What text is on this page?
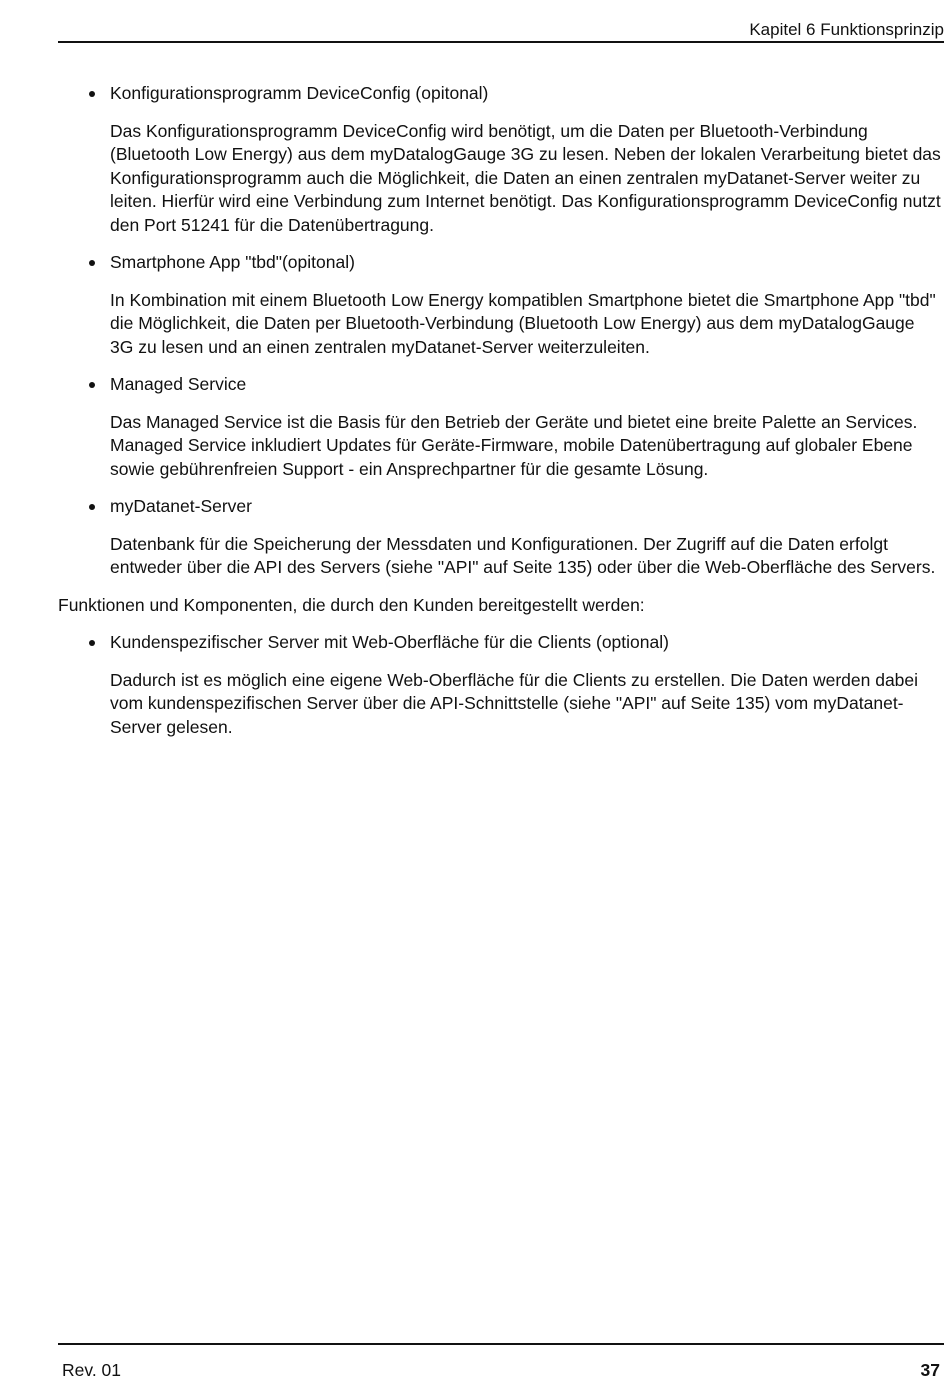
Kapitel 6 Funktionsprinzip

Konfigurationsprogramm DeviceConfig (opitonal)

Das Konfigurationsprogramm DeviceConfig wird benötigt, um die Daten per Bluetooth-Verbindung (Bluetooth Low Energy) aus dem myDatalogGauge 3G zu lesen. Neben der lokalen Verarbeitung bietet das Konfigurationsprogramm auch die Möglichkeit, die Daten an einen zentralen myDatanet-Server weiter zu leiten. Hierfür wird eine Verbindung zum Internet benötigt. Das Konfigurationsprogramm DeviceConfig nutzt den Port 51241 für die Datenübertragung.

Smartphone App "tbd"(opitonal)

In Kombination mit einem Bluetooth Low Energy kompatiblen Smartphone bietet die Smartphone App "tbd" die Möglichkeit, die Daten per Bluetooth-Verbindung (Bluetooth Low Energy) aus dem myDatalogGauge 3G zu lesen und an einen zentralen myDatanet-Server weiterzuleiten.

Managed Service

Das Managed Service ist die Basis für den Betrieb der Geräte und bietet eine breite Palette an Services. Managed Service inkludiert Updates für Geräte-Firmware, mobile Datenübertragung auf globaler Ebene sowie gebührenfreien Support - ein Ansprechpartner für die gesamte Lösung.

myDatanet-Server

Datenbank für die Speicherung der Messdaten und Konfigurationen. Der Zugriff auf die Daten erfolgt entweder über die API des Servers (siehe "API" auf Seite 135) oder über die Web-Oberfläche des Servers.

Funktionen und Komponenten, die durch den Kunden bereitgestellt werden:

Kundenspezifischer Server mit Web-Oberfläche für die Clients (optional)

Dadurch ist es möglich eine eigene Web-Oberfläche für die Clients zu erstellen. Die Daten werden dabei vom kundenspezifischen Server über die API-Schnittstelle (siehe "API" auf Seite 135) vom myDatanet-Server gelesen.

Rev. 01	37
